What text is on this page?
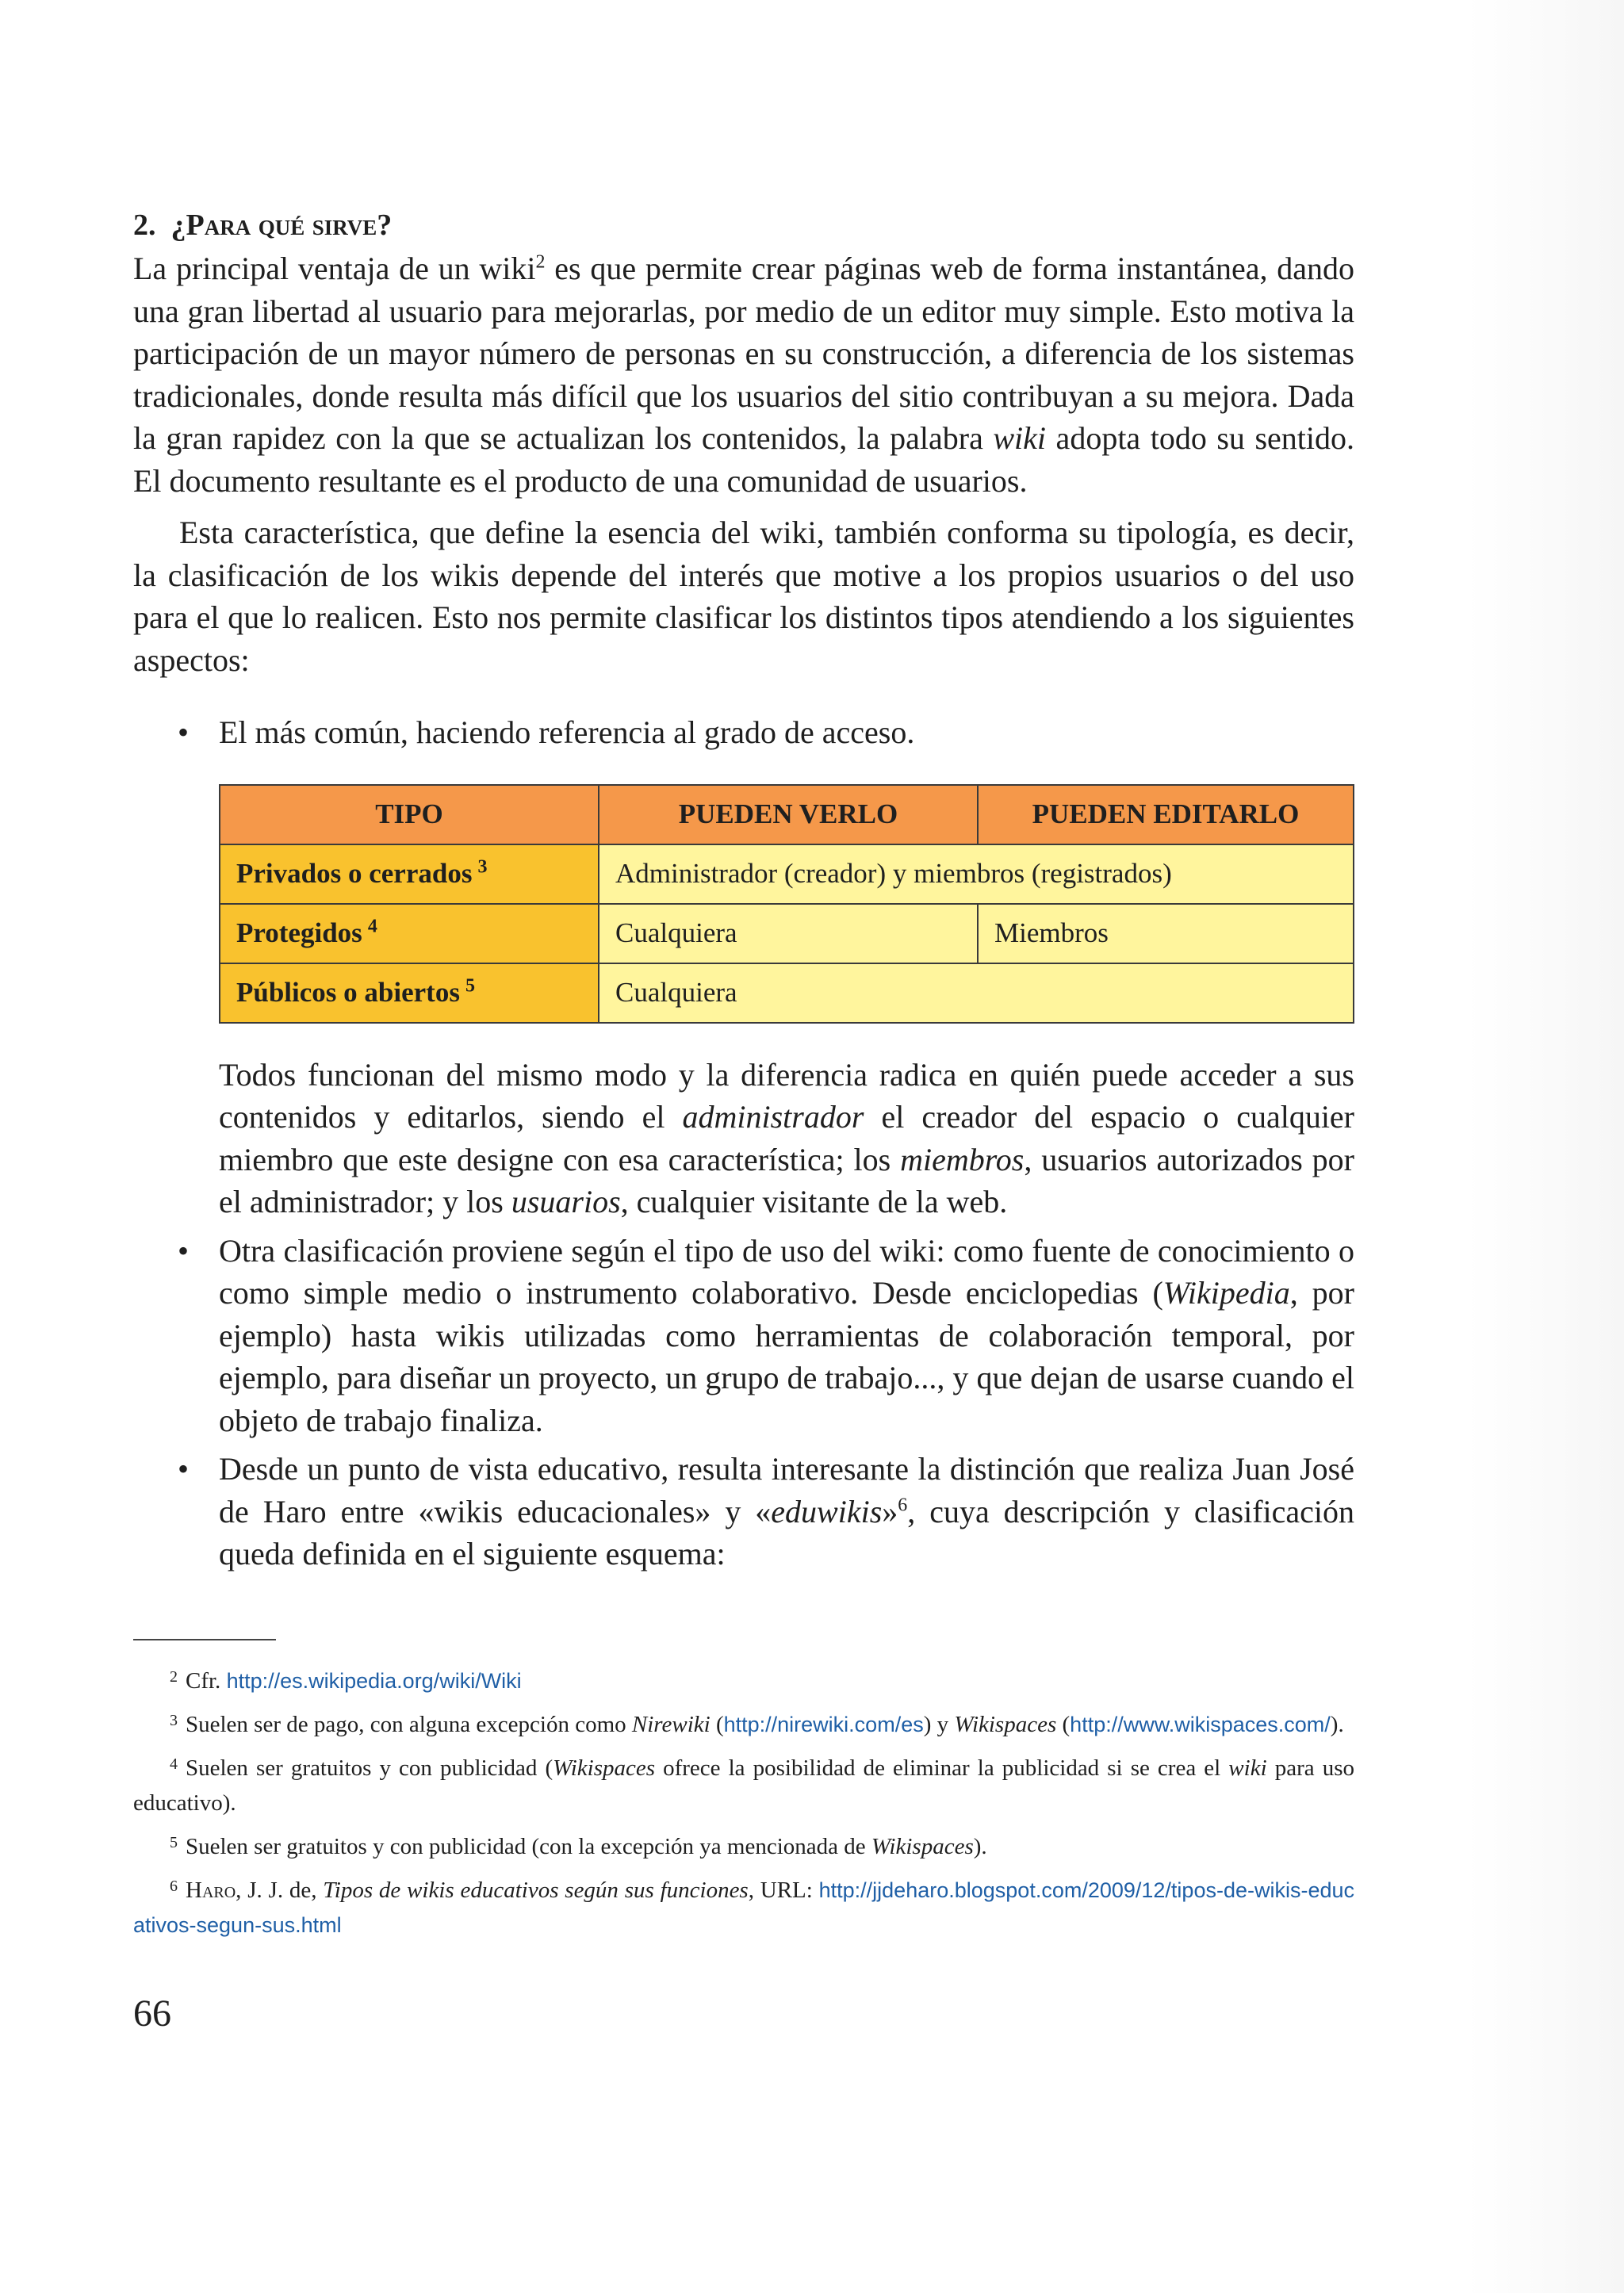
2. ¿Para qué sirve?

La principal ventaja de un wiki$^2$ es que permite crear páginas web de forma instantánea, dando una gran libertad al usuario para mejorarlas, por medio de un editor muy simple. Esto motiva la participación de un mayor número de personas en su construcción, a diferencia de los sistemas tradicionales, donde resulta más difícil que los usuarios del sitio contribuyan a su mejora. Dada la gran rapidez con la que se actualizan los contenidos, la palabra wiki adopta todo su sentido. El documento resultante es el producto de una comunidad de usuarios.

Esta característica, que define la esencia del wiki, también conforma su tipología, es decir, la clasificación de los wikis depende del interés que motive a los propios usuarios o del uso para el que lo realicen. Esto nos permite clasificar los distintos tipos atendiendo a los siguientes aspectos:

• El más común, haciendo referencia al grado de acceso.

TIPO	PUEDEN VERLO	PUEDEN EDITARLO
Privados o cerrados  $^3$	Administrador (creador) y miembros (registrados)	
Protegidos  $^4$	Cualquiera	Miembros
Públicos o abiertos  $^5$	Cualquiera	

Todos funcionan del mismo modo y la diferencia radica en quién puede acceder a sus contenidos y editarlos, siendo el administrador el creador del espacio o cualquier miembro que este designe con esa característica; los miembros, usuarios autorizados por el administrador; y los usuarios, cualquier visitante de la web.

• Otra clasificación proviene según el tipo de uso del wiki: como fuente de conocimiento o como simple medio o instrumento colaborativo. Desde enciclopedias (Wikipedia, por ejemplo) hasta wikis utilizadas como herramientas de colaboración temporal, por ejemplo, para diseñar un proyecto, un grupo de trabajo..., y que dejan de usarse cuando el objeto de trabajo finaliza.

• Desde un punto de vista educativo, resulta interesante la distinción que realiza Juan José de Haro entre «wikis educacionales» y «eduwikis»$^6$, cuya descripción y clasificación queda definida en el siguiente esquema:

2 Cfr. http://es.wikipedia.org/wiki/Wiki
3 Suelen ser de pago, con alguna excepción como Nirewiki (http://nirewiki.com/es) y Wikispaces (http://www.wikispaces.com/).
4 Suelen ser gratuitos y con publicidad (Wikispaces ofrece la posibilidad de eliminar la publicidad si se crea el wiki para uso educativo).
5 Suelen ser gratuitos y con publicidad (con la excepción ya mencionada de Wikispaces).
6 Haro, J. J. de, Tipos de wikis educativos según sus funciones, URL: http://jjdeharo.blogspot.com/2009/12/tipos-de-wikis-educativos-segun-sus.html
66
